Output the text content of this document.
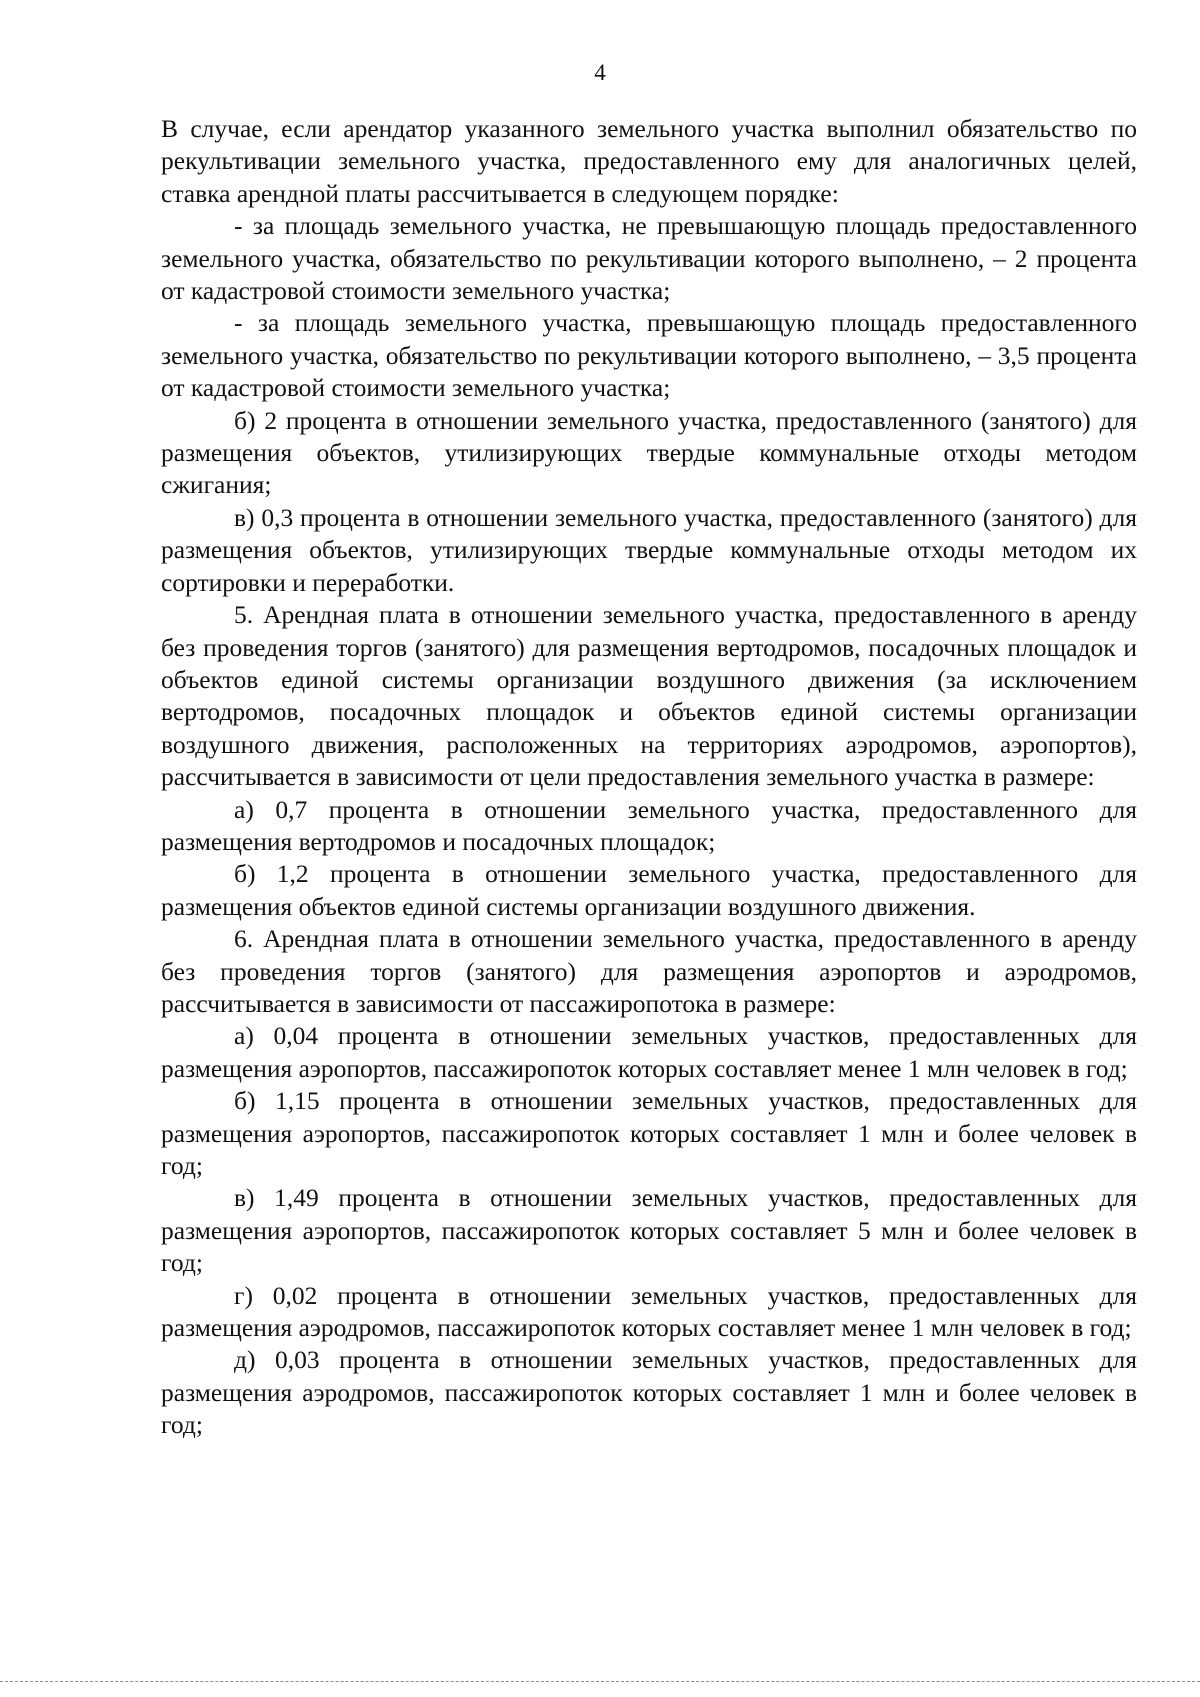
4

В случае, если арендатор указанного земельного участка выполнил обязательство по рекультивации земельного участка, предоставленного ему для аналогичных целей, ставка арендной платы рассчитывается в следующем порядке:

- за площадь земельного участка, не превышающую площадь предоставленного земельного участка, обязательство по рекультивации которого выполнено, – 2 процента от кадастровой стоимости земельного участка;

- за площадь земельного участка, превышающую площадь предоставленного земельного участка, обязательство по рекультивации которого выполнено, – 3,5 процента от кадастровой стоимости земельного участка;

б) 2 процента в отношении земельного участка, предоставленного (занятого) для размещения объектов, утилизирующих твердые коммунальные отходы методом сжигания;

в) 0,3 процента в отношении земельного участка, предоставленного (занятого) для размещения объектов, утилизирующих твердые коммунальные отходы методом их сортировки и переработки.

5. Арендная плата в отношении земельного участка, предоставленного в аренду без проведения торгов (занятого) для размещения вертодромов, посадочных площадок и объектов единой системы организации воздушного движения (за исключением вертодромов, посадочных площадок и объектов единой системы организации воздушного движения, расположенных на территориях аэродромов, аэропортов), рассчитывается в зависимости от цели предоставления земельного участка в размере:

а) 0,7 процента в отношении земельного участка, предоставленного для размещения вертодромов и посадочных площадок;

б) 1,2 процента в отношении земельного участка, предоставленного для размещения объектов единой системы организации воздушного движения.

6. Арендная плата в отношении земельного участка, предоставленного в аренду без проведения торгов (занятого) для размещения аэропортов и аэродромов, рассчитывается в зависимости от пассажиропотока в размере:

а) 0,04 процента в отношении земельных участков, предоставленных для размещения аэропортов, пассажиропоток которых составляет менее 1 млн человек в год;

б) 1,15 процента в отношении земельных участков, предоставленных для размещения аэропортов, пассажиропоток которых составляет 1 млн и более человек в год;

в) 1,49 процента в отношении земельных участков, предоставленных для размещения аэропортов, пассажиропоток которых составляет 5 млн и более человек в год;

г) 0,02 процента в отношении земельных участков, предоставленных для размещения аэродромов, пассажиропоток которых составляет менее 1 млн человек в год;

д) 0,03 процента в отношении земельных участков, предоставленных для размещения аэродромов, пассажиропоток которых составляет 1 млн и более человек в год;
